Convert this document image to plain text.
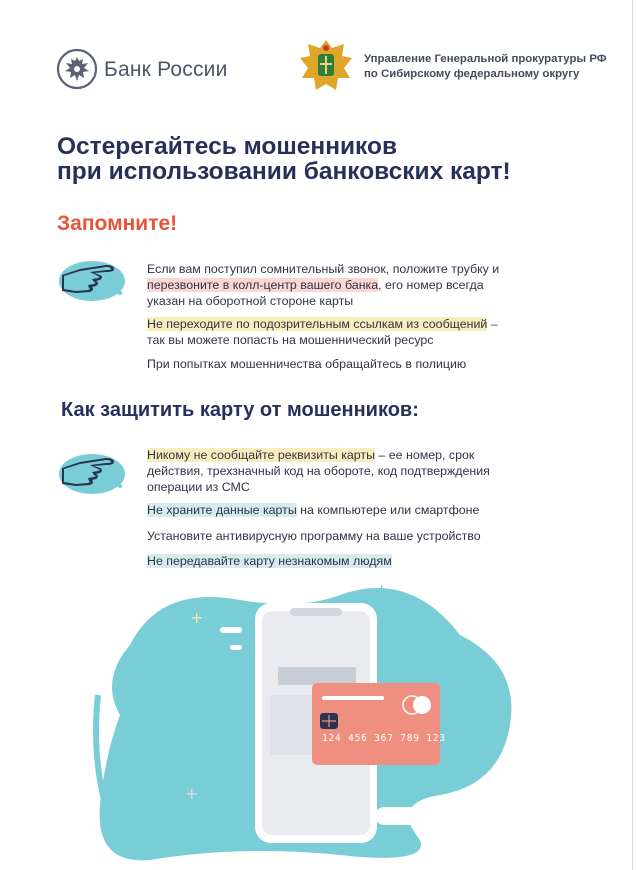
Банк России	Управление Генеральной прокуратуры РФ
по Сибирскому федеральному округу
Остерегайтесь мошенников
при использовании банковских карт!
Запомните!
Если вам поступил сомнительный звонок, положите трубку и
перезвоните в колл-центр вашего банка, его номер всегда
указан на оборотной стороне карты
Не переходите по подозрительным ссылкам из сообщений –
так вы можете попасть на мошеннический ресурс
При попытках мошенничества обращайтесь в полицию
Как защитить карту от мошенников:
Никому не сообщайте реквизиты карты – ее номер, срок
действия, трехзначный код на обороте, код подтверждения
операции из СМС
Не храните данные карты на компьютере или смартфоне
Установите антивирусную программу на ваше устройство
Не передавайте карту незнакомым людям
+
+
+
124 456 367 789 123
